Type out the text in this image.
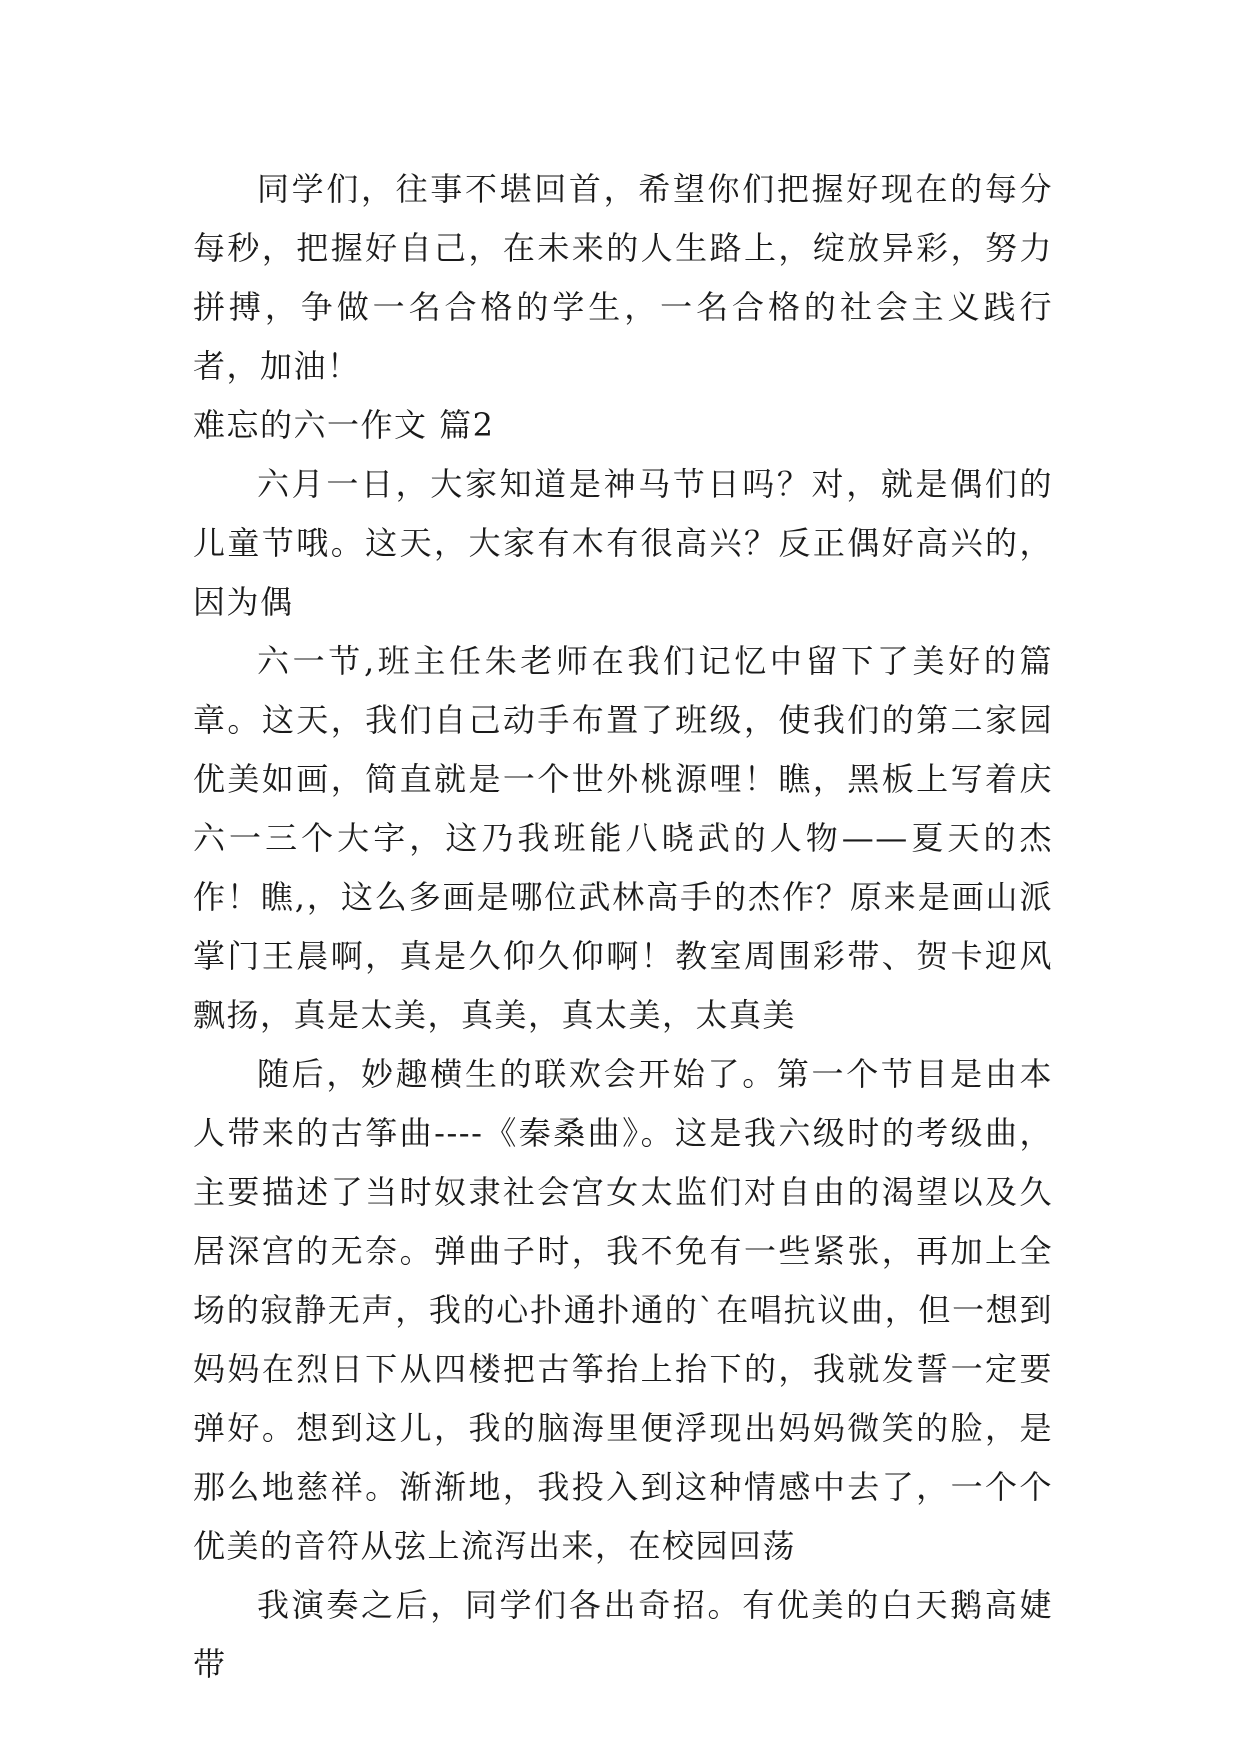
同学们，往事不堪回首，希望你们把握好现在的每分每秒，把握好自己，在未来的人生路上，绽放异彩，努力拼搏，争做一名合格的学生，一名合格的社会主义践行者，加油！

难忘的六一作文 篇2

六月一日，大家知道是神马节日吗？对，就是偶们的儿童节哦。这天，大家有木有很高兴？反正偶好高兴的，因为偶

六一节,班主任朱老师在我们记忆中留下了美好的篇章。这天，我们自己动手布置了班级，使我们的第二家园优美如画，简直就是一个世外桃源哩！瞧，黑板上写着庆六一三个大字，这乃我班能八晓武的人物——夏天的杰作！瞧,，这么多画是哪位武林高手的杰作？原来是画山派掌门王晨啊，真是久仰久仰啊！教室周围彩带、贺卡迎风飘扬，真是太美，真美，真太美，太真美

随后，妙趣横生的联欢会开始了。第一个节目是由本人带来的古筝曲----《秦桑曲》。这是我六级时的考级曲，主要描述了当时奴隶社会宫女太监们对自由的渴望以及久居深宫的无奈。弹曲子时，我不免有一些紧张，再加上全场的寂静无声，我的心扑通扑通的`在唱抗议曲，但一想到妈妈在烈日下从四楼把古筝抬上抬下的，我就发誓一定要弹好。想到这儿，我的脑海里便浮现出妈妈微笑的脸，是那么地慈祥。渐渐地，我投入到这种情感中去了，一个个优美的音符从弦上流泻出来，在校园回荡

我演奏之后，同学们各出奇招。有优美的白天鹅高婕带
